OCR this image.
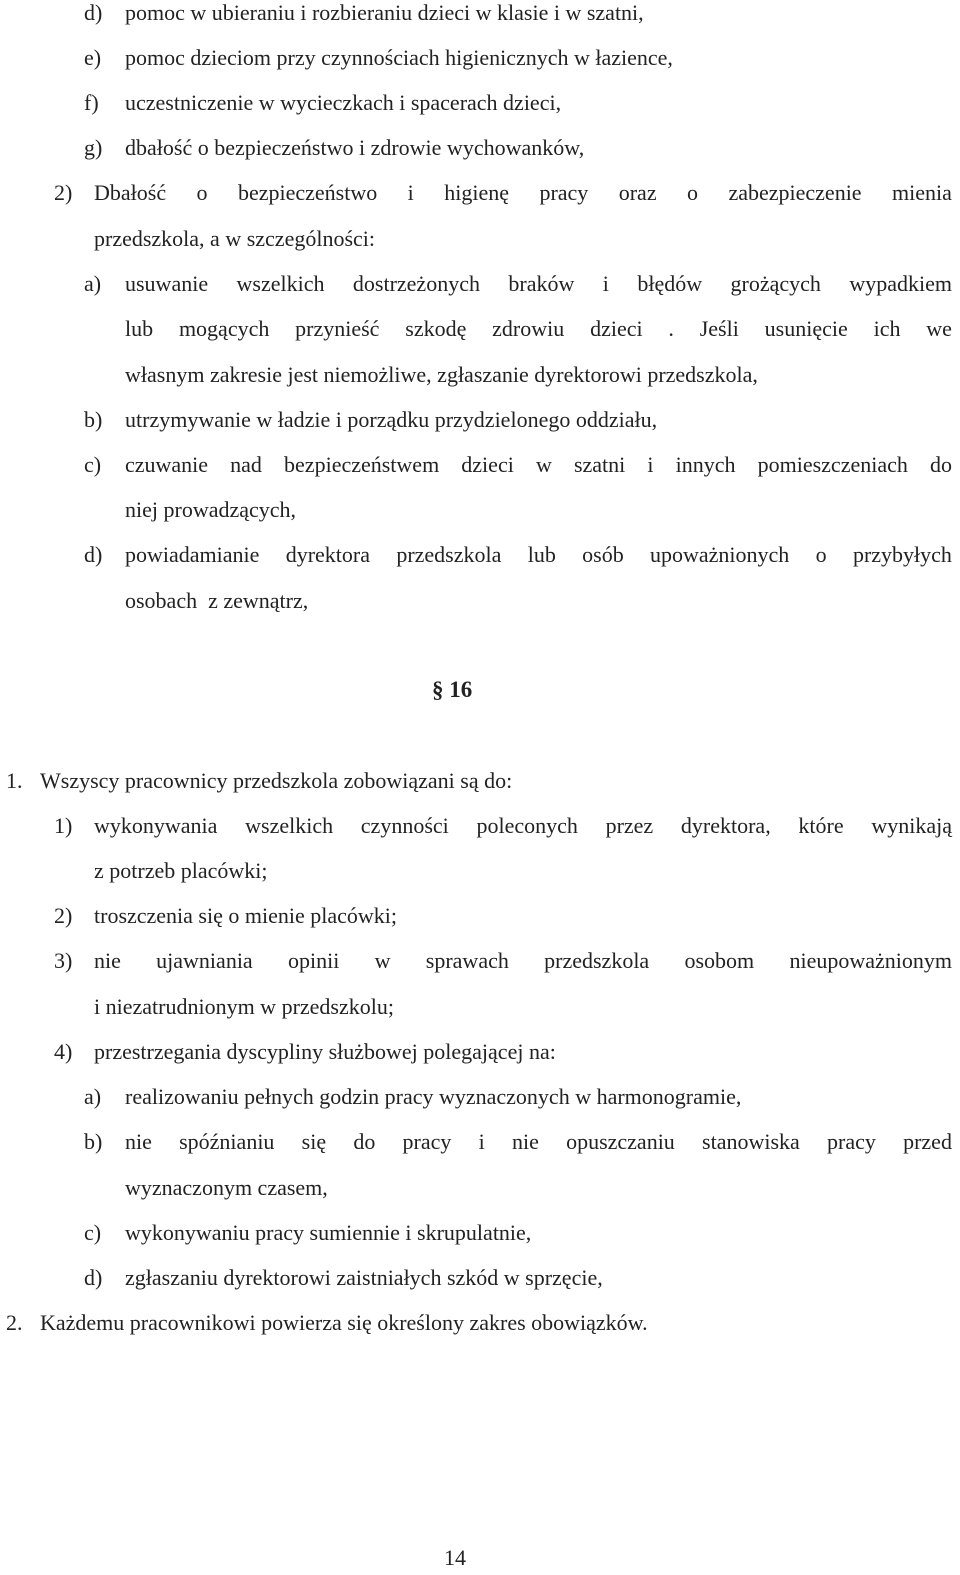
d) pomoc w ubieraniu i rozbieraniu dzieci w klasie i w szatni,
e) pomoc dzieciom przy czynnościach higienicznych w łazience,
f) uczestniczenie w wycieczkach i spacerach dzieci,
g) dbałość o bezpieczeństwo i zdrowie wychowanków,
2) Dbałość o bezpieczeństwo i higienę pracy oraz o zabezpieczenie mienia
przedszkola, a w szczególności:
a) usuwanie wszelkich dostrzeżonych braków i błędów grożących wypadkiem
lub mogących przynieść szkodę zdrowiu dzieci . Jeśli usunięcie ich we
własnym zakresie jest niemożliwe, zgłaszanie dyrektorowi przedszkola,
b) utrzymywanie w ładzie i porządku przydzielonego oddziału,
c) czuwanie nad bezpieczeństwem dzieci w szatni i innych pomieszczeniach do
niej prowadzących,
d) powiadamianie dyrektora przedszkola lub osób upoważnionych o przybyłych
osobach  z zewnątrz,
§ 16
1. Wszyscy pracownicy przedszkola zobowiązani są do:
1) wykonywania wszelkich czynności poleconych przez dyrektora, które wynikają
z potrzeb placówki;
2) troszczenia się o mienie placówki;
3) nie ujawniania opinii w sprawach przedszkola osobom nieupoważnionym
i niezatrudnionym w przedszkolu;
4) przestrzegania dyscypliny służbowej polegającej na:
a) realizowaniu pełnych godzin pracy wyznaczonych w harmonogramie,
b) nie spóźnianiu się do pracy i nie opuszczaniu stanowiska pracy przed
wyznaczonym czasem,
c) wykonywaniu pracy sumiennie i skrupulatnie,
d) zgłaszaniu dyrektorowi zaistniałych szkód w sprzęcie,
2. Każdemu pracownikowi powierza się określony zakres obowiązków.
14
